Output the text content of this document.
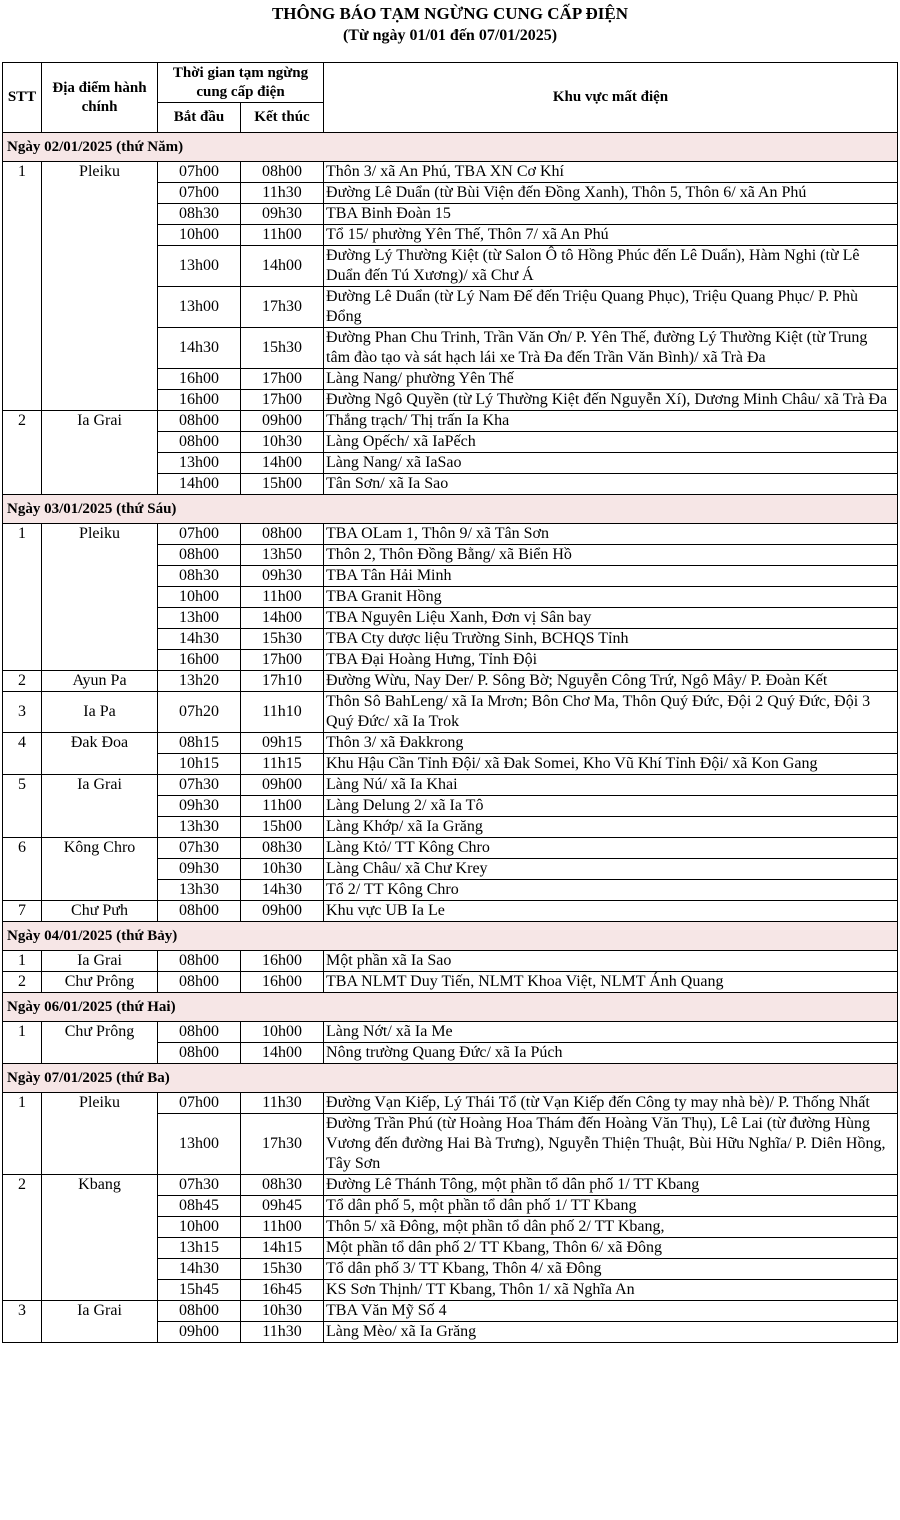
THÔNG BÁO TẠM NGỪNG CUNG CẤP ĐIỆN
(Từ ngày 01/01 đến 07/01/2025)
STT	Địa điểm hành chính	Thời gian tạm ngừng cung cấp điện		Khu vực mất điện
		Bắt đầu	Kết thúc	
Ngày 02/01/2025 (thứ Năm)				
1	Pleiku	07h00	08h00	Thôn 3/ xã An Phú, TBA XN Cơ Khí
		07h00	11h30	Đường Lê Duẩn (từ Bùi Viện đến Đồng Xanh), Thôn 5, Thôn 6/ xã An Phú
		08h30	09h30	TBA Binh Đoàn 15
		10h00	11h00	Tổ 15/ phường Yên Thế, Thôn 7/ xã An Phú
		13h00	14h00	Đường Lý Thường Kiệt (từ Salon Ô tô Hồng Phúc đến Lê Duẩn), Hàm Nghi (từ Lê Duẩn đến Tú Xương)/ xã Chư Á
		13h00	17h30	Đường Lê Duẩn (từ Lý Nam Đế đến Triệu Quang Phục), Triệu Quang Phục/ P. Phù Đổng
		14h30	15h30	Đường Phan Chu Trinh, Trần Văn Ơn/ P. Yên Thế, đường Lý Thường Kiệt (từ Trung tâm đào tạo và sát hạch lái xe Trà Đa đến Trần Văn Bình)/ xã Trà Đa
		16h00	17h00	Làng Nang/ phường Yên Thế
		16h00	17h00	Đường Ngô Quyền (từ Lý Thường Kiệt đến Nguyễn Xí), Dương Minh Châu/ xã Trà Đa
2	Ia Grai	08h00	09h00	Thắng trạch/ Thị trấn Ia Kha
		08h00	10h30	Làng Opếch/ xã IaPếch
		13h00	14h00	Làng Nang/ xã IaSao
		14h00	15h00	Tân Sơn/ xã Ia Sao
Ngày 03/01/2025 (thứ Sáu)				
1	Pleiku	07h00	08h00	TBA OLam 1, Thôn 9/ xã Tân Sơn
		08h00	13h50	Thôn 2, Thôn Đồng Bằng/ xã Biển Hồ
		08h30	09h30	TBA Tân Hải Minh
		10h00	11h00	TBA Granit Hồng
		13h00	14h00	TBA Nguyên Liệu Xanh, Đơn vị Sân bay
		14h30	15h30	TBA Cty dược liệu Trường Sinh, BCHQS Tỉnh
		16h00	17h00	TBA Đại Hoàng Hưng, Tỉnh Đội
2	Ayun Pa	13h20	17h10	Đường Wừu, Nay Der/ P. Sông Bờ; Nguyễn Công Trứ, Ngô Mây/ P. Đoàn Kết
3	Ia Pa	07h20	11h10	Thôn Sô BahLeng/ xã Ia Mrơn; Bôn Chơ Ma, Thôn Quý Đức, Đội 2 Quý Đức, Đội 3 Quý Đức/ xã Ia Trok
4	Đak Đoa	08h15	09h15	Thôn 3/ xã Đakkrong
		10h15	11h15	Khu Hậu Cần Tỉnh Đội/ xã Đak Somei, Kho Vũ Khí Tỉnh Đội/ xã Kon Gang
5	Ia Grai	07h30	09h00	Làng Nú/ xã Ia Khai
		09h30	11h00	Làng Delung 2/ xã Ia Tô
		13h30	15h00	Làng Khớp/ xã Ia Grăng
6	Kông Chro	07h30	08h30	Làng Ktỏ/ TT Kông Chro
		09h30	10h30	Làng Châu/ xã Chư Krey
		13h30	14h30	Tổ 2/ TT Kông Chro
7	Chư Pưh	08h00	09h00	Khu vực UB Ia Le
Ngày 04/01/2025 (thứ Bảy)				
1	Ia Grai	08h00	16h00	Một phần xã Ia Sao
2	Chư Prông	08h00	16h00	TBA NLMT Duy Tiến, NLMT Khoa Việt, NLMT Ánh Quang
Ngày 06/01/2025 (thứ Hai)				
1	Chư Prông	08h00	10h00	Làng Nớt/ xã Ia Me
		08h00	14h00	Nông trường Quang Đức/ xã Ia Púch
Ngày 07/01/2025 (thứ Ba)				
1	Pleiku	07h00	11h30	Đường Vạn Kiếp, Lý Thái Tổ (từ Vạn Kiếp đến Công ty may nhà bè)/ P. Thống Nhất
		13h00	17h30	Đường Trần Phú (từ Hoàng Hoa Thám đến Hoàng Văn Thụ), Lê Lai (từ đường Hùng Vương đến đường Hai Bà Trưng), Nguyễn Thiện Thuật, Bùi Hữu Nghĩa/ P. Diên Hồng, Tây Sơn
2	Kbang	07h30	08h30	Đường Lê Thánh Tông, một phần tổ dân phố 1/ TT Kbang
		08h45	09h45	Tổ dân phố 5, một phần tổ dân phố 1/ TT Kbang
		10h00	11h00	Thôn 5/ xã Đông, một phần tổ dân phố 2/ TT Kbang,
		13h15	14h15	Một phần tổ dân phố 2/ TT Kbang, Thôn 6/ xã Đông
		14h30	15h30	Tổ dân phố 3/ TT Kbang, Thôn 4/ xã Đông
		15h45	16h45	KS Sơn Thịnh/ TT Kbang, Thôn 1/ xã Nghĩa An
3	Ia Grai	08h00	10h30	TBA Văn Mỹ Số 4
		09h00	11h30	Làng Mèo/ xã Ia Grăng
